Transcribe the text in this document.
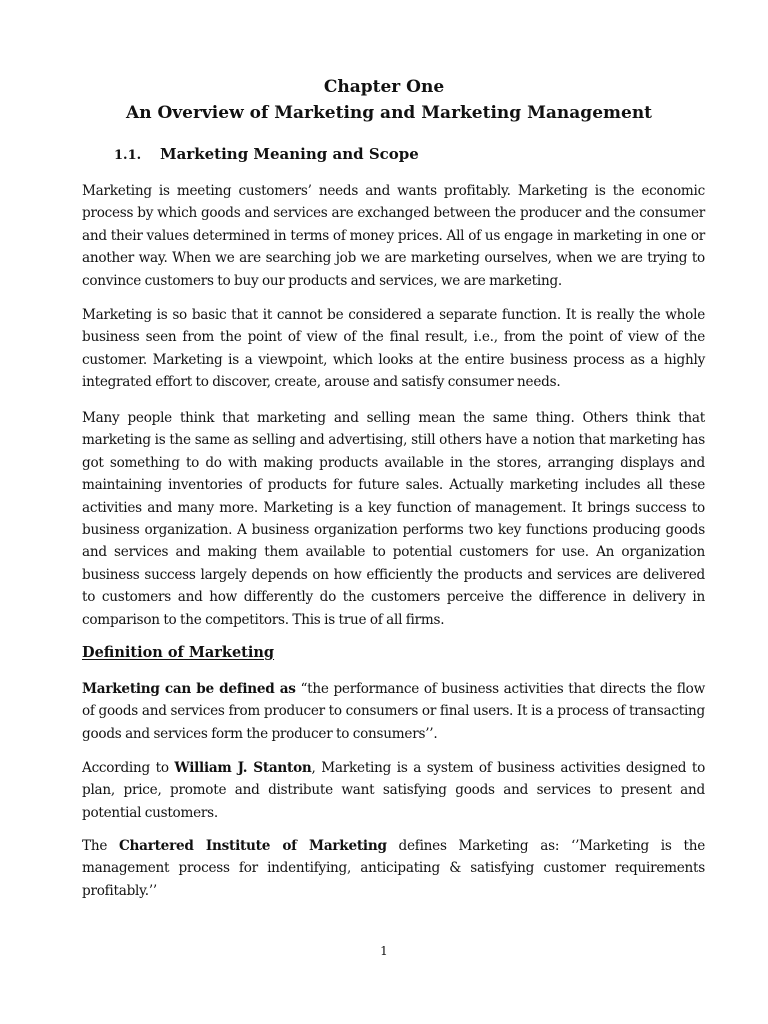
Chapter One
An Overview of Marketing and Marketing Management
1.1. Marketing Meaning and Scope
Marketing is meeting customers’ needs and wants profitably. Marketing is the economic process by which goods and services are exchanged between the producer and the consumer and their values determined in terms of money prices. All of us engage in marketing in one or another way. When we are searching job we are marketing ourselves, when we are trying to convince customers to buy our products and services, we are marketing.
Marketing is so basic that it cannot be considered a separate function. It is really the whole business seen from the point of view of the final result, i.e., from the point of view of the customer. Marketing is a viewpoint, which looks at the entire business process as a highly integrated effort to discover, create, arouse and satisfy consumer needs.
Many people think that marketing and selling mean the same thing. Others think that marketing is the same as selling and advertising, still others have a notion that marketing has got something to do with making products available in the stores, arranging displays and maintaining inventories of products for future sales. Actually marketing includes all these activities and many more. Marketing is a key function of management. It brings success to business organization. A business organization performs two key functions producing goods and services and making them available to potential customers for use. An organization business success largely depends on how efficiently the products and services are delivered to customers and how differently do the customers perceive the difference in delivery in comparison to the competitors. This is true of all firms.
Definition of Marketing
Marketing can be defined as “the performance of business activities that directs the flow of goods and services from producer to consumers or final users. It is a process of transacting goods and services form the producer to consumers’’.
According to William J. Stanton, Marketing is a system of business activities designed to plan, price, promote and distribute want satisfying goods and services to present and potential customers.
The Chartered Institute of Marketing defines Marketing as: ‘’Marketing is the management process for indentifying, anticipating & satisfying customer requirements profitably.’’
1
